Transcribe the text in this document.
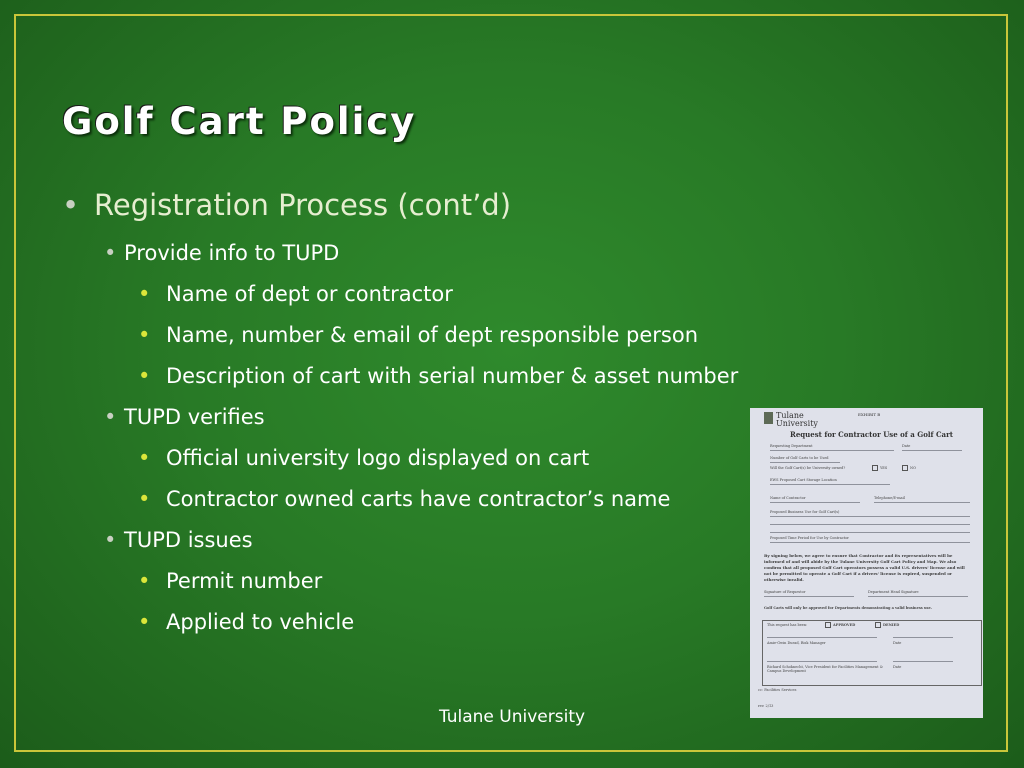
Golf Cart Policy
• Registration Process (cont’d)
• Provide info to TUPD
• Name of dept or contractor
• Name, number & email of dept responsible person
• Description of cart with serial number & asset number
• TUPD verifies
• Official university logo displayed on cart
• Contractor owned carts have contractor’s name
• TUPD issues
• Permit number
• Applied to vehicle
Tulane University
EXHIBIT B
Request for Contractor Use of a Golf Cart
Requesting Department	Date
Number of Golf Carts to be Used
Will the Golf Cart(s) be University owned?	YES	NO
EWS Proposed Cart Storage Location
Name of Contractor	Telephone/E-mail
Proposed Business Use for Golf Cart(s)
Proposed Time Period for Use by Contractor
By signing below, we agree to ensure that Contractor and its representatives will be informed of and will abide by the Tulane University Golf Cart Policy and Map. We also confirm that all proposed Golf Cart operators possess a valid U.S. drivers' license and will not be permitted to operate a Golf Cart if a drivers' license is expired, suspended or otherwise invalid.
Signature of Requestor	Department Head Signature
Golf Carts will only be approved for Departments demonstrating a valid business use.
This request has been:	APPROVED	DENIED
Amie-Gwin Durad, Risk Manager	Date
Richard Schoknecht, Vice President for Facilities Management & Campus Development
Date
cc: Facilities Services
rev. 2/13
Tulane University
